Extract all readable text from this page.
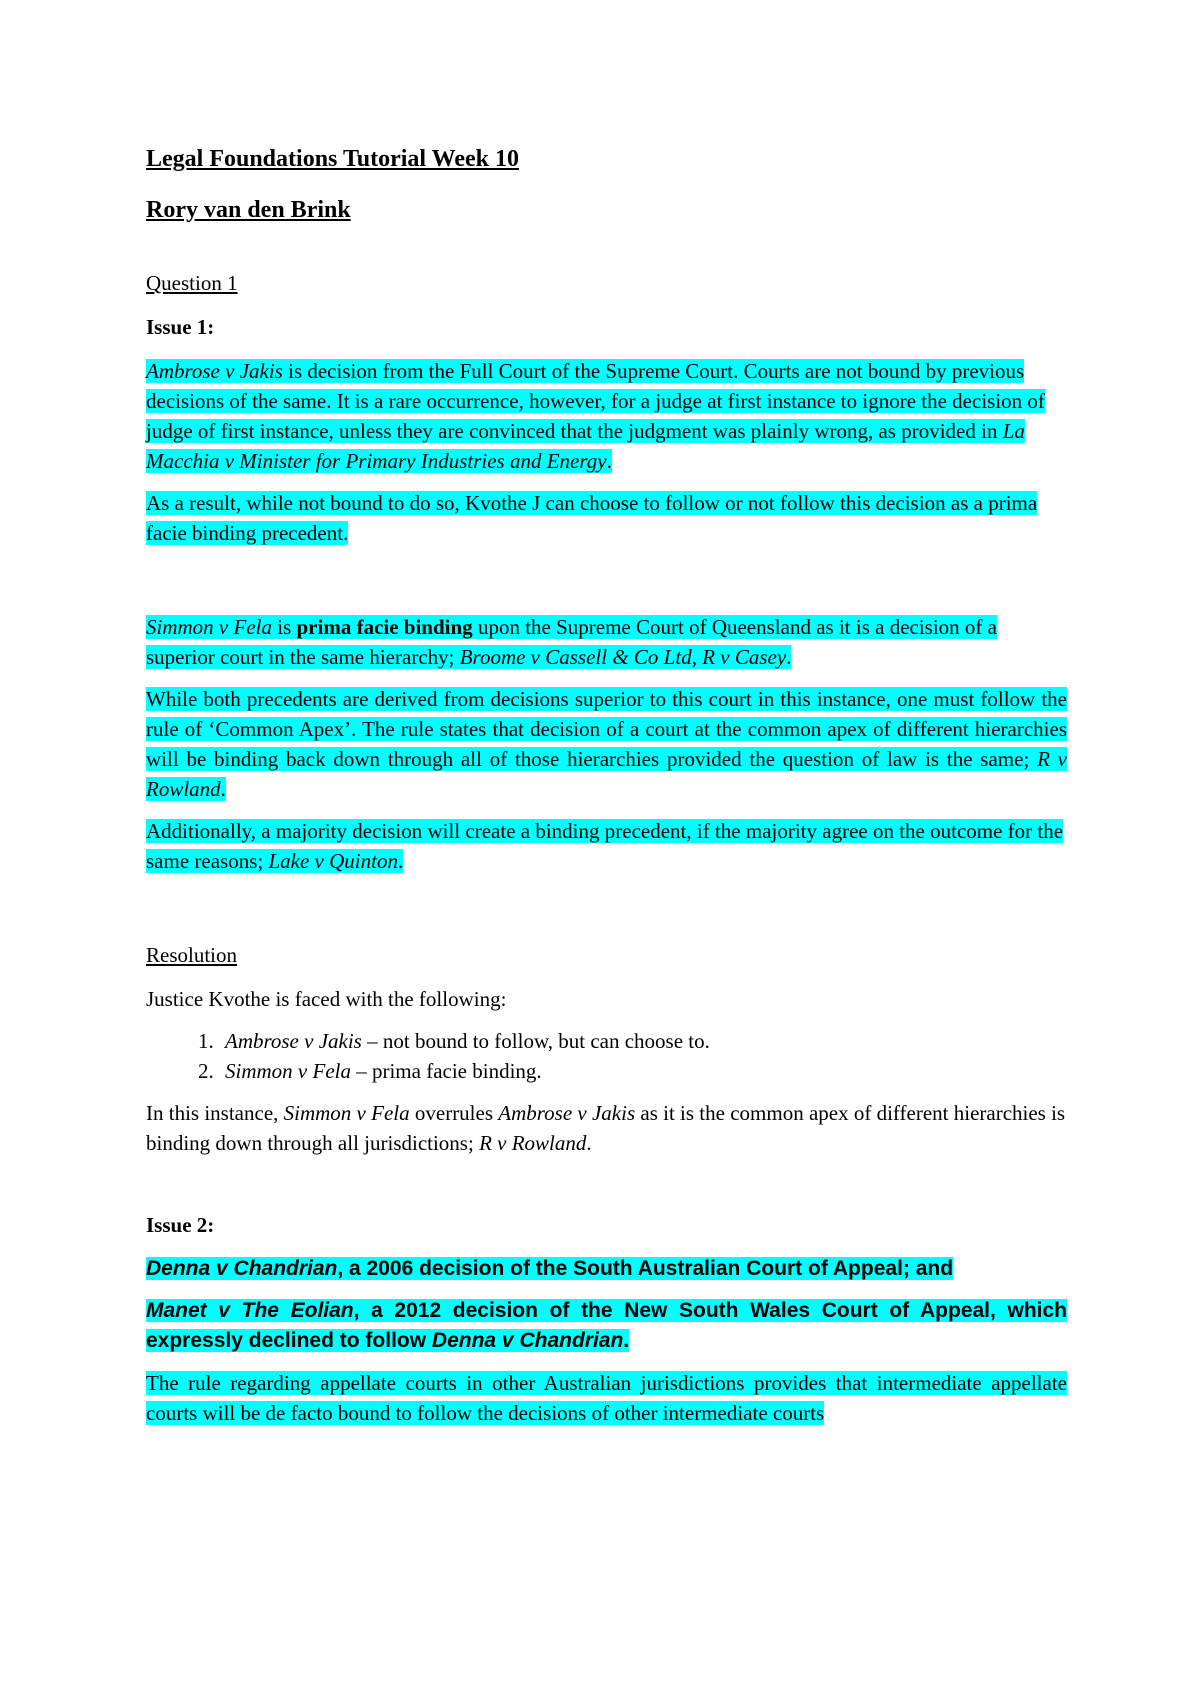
Legal Foundations Tutorial Week 10
Rory van den Brink
Question 1
Issue 1:

Ambrose v Jakis is decision from the Full Court of the Supreme Court. Courts are not bound by previous decisions of the same. It is a rare occurrence, however, for a judge at first instance to ignore the decision of judge of first instance, unless they are convinced that the judgment was plainly wrong, as provided in La Macchia v Minister for Primary Industries and Energy.

As a result, while not bound to do so, Kvothe J can choose to follow or not follow this decision as a prima facie binding precedent.

Simmon v Fela is prima facie binding upon the Supreme Court of Queensland as it is a decision of a superior court in the same hierarchy; Broome v Cassell & Co Ltd, R v Casey.

While both precedents are derived from decisions superior to this court in this instance, one must follow the rule of ‘Common Apex’. The rule states that decision of a court at the common apex of different hierarchies will be binding back down through all of those hierarchies provided the question of law is the same; R v Rowland.

Additionally, a majority decision will create a binding precedent, if the majority agree on the outcome for the same reasons; Lake v Quinton.

Resolution

Justice Kvothe is faced with the following:

1. Ambrose v Jakis – not bound to follow, but can choose to.
2. Simmon v Fela – prima facie binding.

In this instance, Simmon v Fela overrules Ambrose v Jakis as it is the common apex of different hierarchies is binding down through all jurisdictions; R v Rowland.

Issue 2:

Denna v Chandrian, a 2006 decision of the South Australian Court of Appeal; and

Manet v The Eolian, a 2012 decision of the New South Wales Court of Appeal, which expressly declined to follow Denna v Chandrian.

The rule regarding appellate courts in other Australian jurisdictions provides that intermediate appellate courts will be de facto bound to follow the decisions of other intermediate courts
